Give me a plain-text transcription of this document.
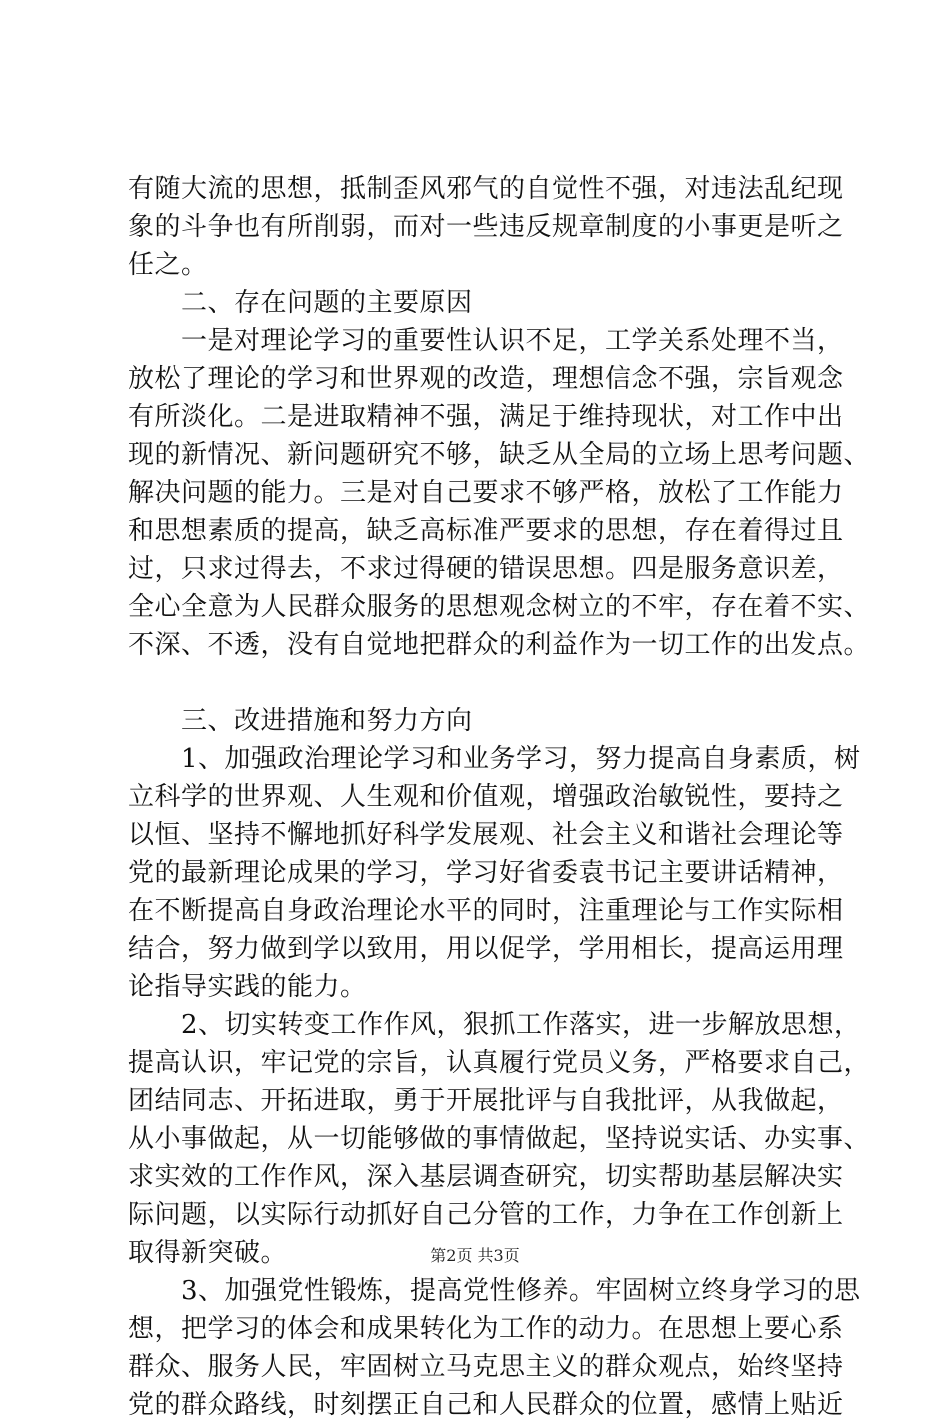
有随大流的思想，抵制歪风邪气的自觉性不强，对违法乱纪现
象的斗争也有所削弱，而对一些违反规章制度的小事更是听之
任之。
　　二、存在问题的主要原因
　　一是对理论学习的重要性认识不足，工学关系处理不当，
放松了理论的学习和世界观的改造，理想信念不强，宗旨观念
有所淡化。二是进取精神不强，满足于维持现状，对工作中出
现的新情况、新问题研究不够，缺乏从全局的立场上思考问题、
解决问题的能力。三是对自己要求不够严格，放松了工作能力
和思想素质的提高，缺乏高标准严要求的思想，存在着得过且
过，只求过得去，不求过得硬的错误思想。四是服务意识差，
全心全意为人民群众服务的思想观念树立的不牢，存在着不实、
不深、不透，没有自觉地把群众的利益作为一切工作的出发点。
　　三、改进措施和努力方向
　　1、加强政治理论学习和业务学习，努力提高自身素质，树
立科学的世界观、人生观和价值观，增强政治敏锐性，要持之
以恒、坚持不懈地抓好科学发展观、社会主义和谐社会理论等
党的最新理论成果的学习，学习好省委袁书记主要讲话精神，
在不断提高自身政治理论水平的同时，注重理论与工作实际相
结合，努力做到学以致用，用以促学，学用相长，提高运用理
论指导实践的能力。
　　2、切实转变工作作风，狠抓工作落实，进一步解放思想，
提高认识，牢记党的宗旨，认真履行党员义务，严格要求自己，
团结同志、开拓进取，勇于开展批评与自我批评，从我做起，
从小事做起，从一切能够做的事情做起，坚持说实话、办实事、
求实效的工作作风，深入基层调查研究，切实帮助基层解决实
际问题，以实际行动抓好自己分管的工作，力争在工作创新上
取得新突破。
　　3、加强党性锻炼，提高党性修养。牢固树立终身学习的思
想，把学习的体会和成果转化为工作的动力。在思想上要心系
群众、服务人民，牢固树立马克思主义的群众观点，始终坚持
党的群众路线，时刻摆正自己和人民群众的位置，感情上贴近
第2页 共3页
